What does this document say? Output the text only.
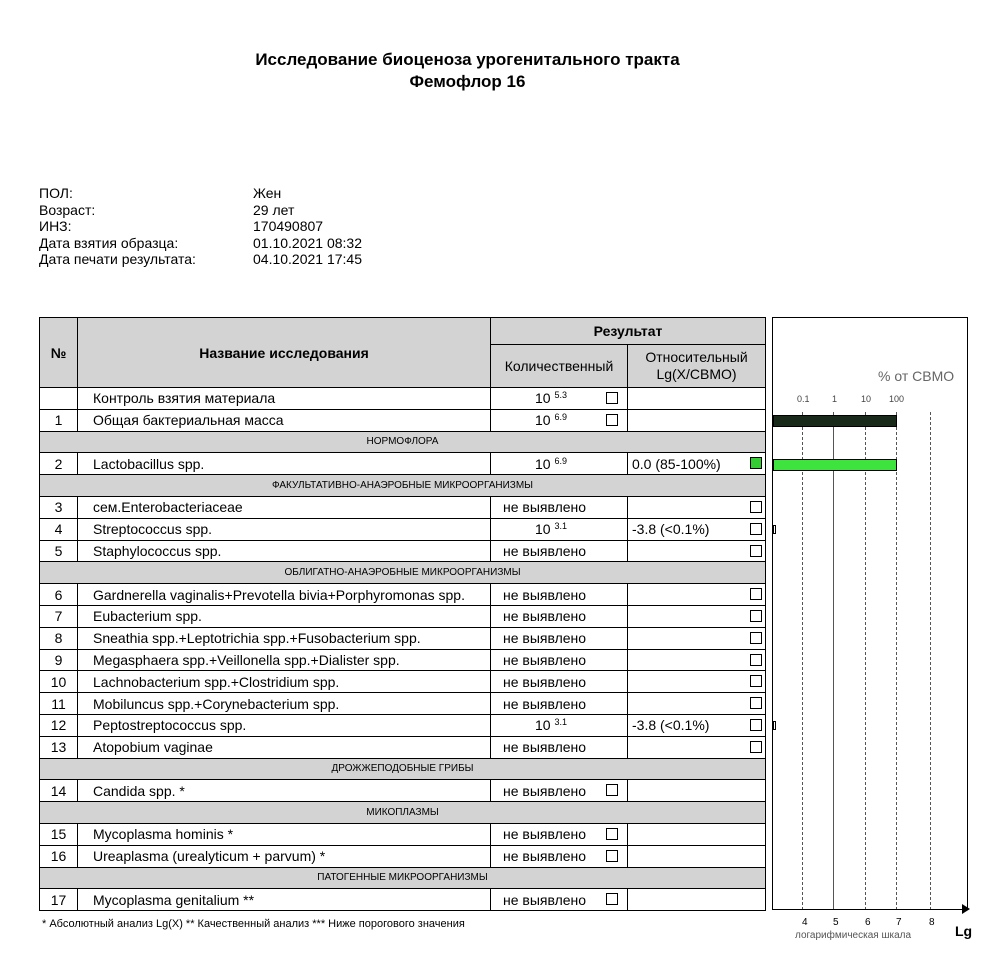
Исследование биоценоза урогенитального тракта
Фемофлор 16
ПОЛ:	Жен
Возраст:	29 лет
ИНЗ:	170490807
Дата взятия образца:	01.10.2021 08:32
Дата печати результата:	04.10.2021 17:45
№	Название исследования	Результат	
		Количественный	Относительный
Lg(X/СВМО)
	Контроль взятия материала	10 $^{5.3}$

1	Общая бактериальная масса	10 $^{6.9}$

НОРМОФЛОРА			
2	Lactobacillus spp.	10 $^{6.9}$	0.0 (85-100%)

ФАКУЛЬТАТИВНО-АНАЭРОБНЫЕ МИКРООРГАНИЗМЫ			
3	сем.Enterobacteriaceae	не выявлено	

4	Streptococcus spp.	10 $^{3.1}$	-3.8 (<0.1%)

5	Staphylococcus spp.	не выявлено	

ОБЛИГАТНО-АНАЭРОБНЫЕ МИКРООРГАНИЗМЫ			
6	Gardnerella vaginalis+Prevotella bivia+Porphyromonas spp.	не выявлено	

7	Eubacterium spp.	не выявлено	

8	Sneathia spp.+Leptotrichia spp.+Fusobacterium spp.	не выявлено	

9	Megasphaera spp.+Veillonella spp.+Dialister spp.	не выявлено	

10	Lachnobacterium spp.+Clostridium spp.	не выявлено	

11	Mobiluncus spp.+Corynebacterium spp.	не выявлено	

12	Peptostreptococcus spp.	10 $^{3.1}$	-3.8 (<0.1%)

13	Atopobium vaginae	не выявлено	

ДРОЖЖЕПОДОБНЫЕ ГРИБЫ			
14	Candida spp. *	не выявлено

МИКОПЛАЗМЫ			
15	Mycoplasma hominis *	не выявлено

16	Ureaplasma (urealyticum + parvum) *	не выявлено

ПАТОГЕННЫЕ МИКРООРГАНИЗМЫ			
17	Mycoplasma genitalium **	не выявлено

% от СВМО
0.1 1	10 100
4	5	6	7	8
логарифмическая шкала	Lg
* Абсолютный анализ Lg(X) ** Качественный анализ *** Ниже порогового значения
